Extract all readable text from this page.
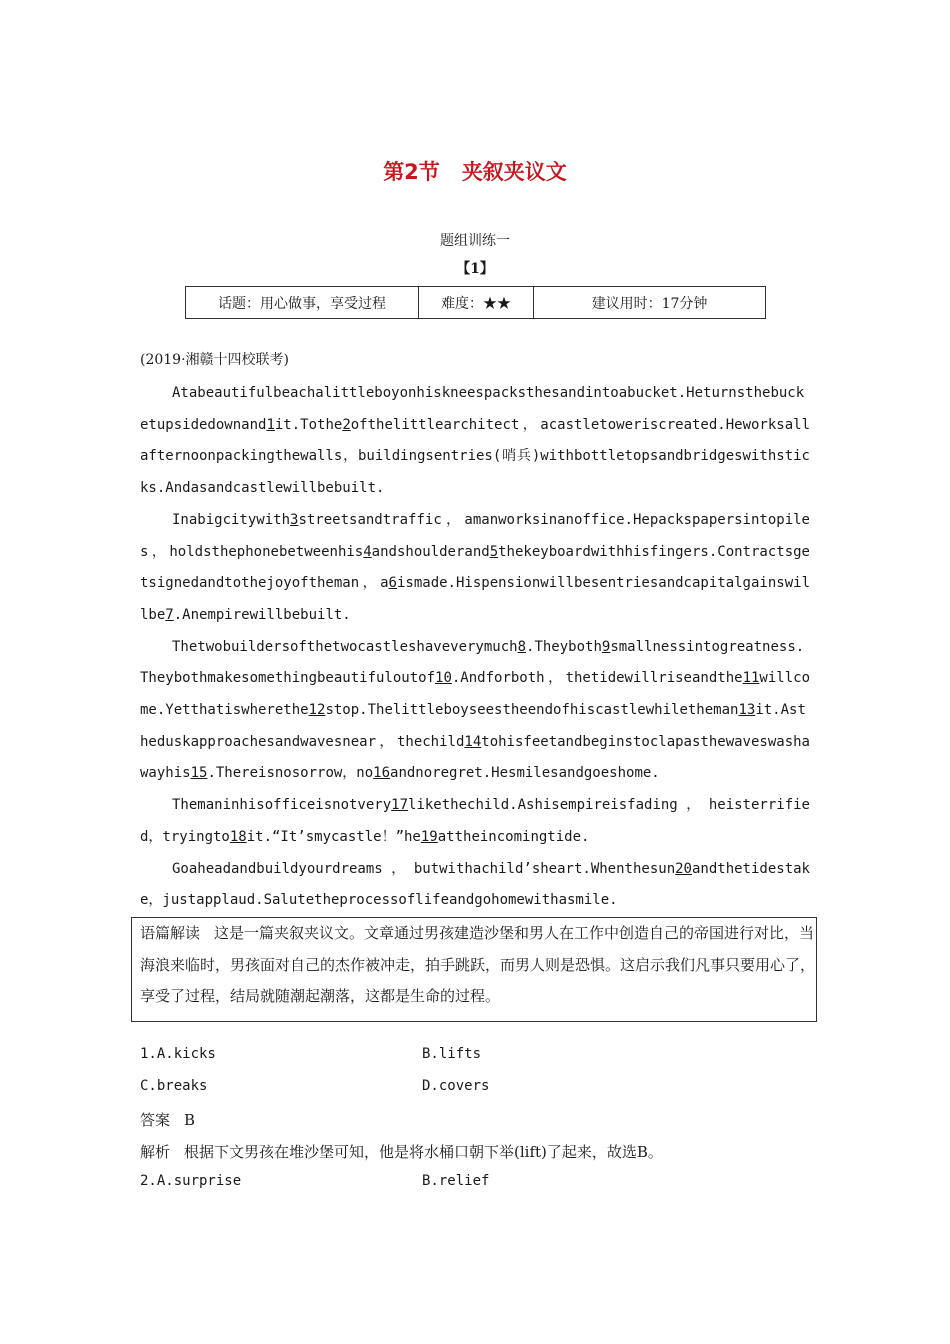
第2节 夹叙夹议文
题组训练一
【1】
话题：用心做事，享受过程	难度：★★	建议用时：17分钟
(2019·湘赣十四校联考)

Atabeautifulbeachalittleboyonhiskneespacksthesandintoabucket.Heturnsthebucketupsidedownand1it.Tothe2ofthelittlearchitect，acastletoweriscreated.Heworksallafternoonpackingthewalls，buildingsentries(哨兵)withbottletopsandbridgeswithsticks.Andasandcastlewillbebuilt.

Inabigcitywith3streetsandtraffic，amanworksinanoffice.Hepackspapersintopiles，holdsthephonebetweenhis4andshoulderand5thekeyboardwithhisfingers.Contractsgetsignedandtothejoyoftheman，a6ismade.Hispensionwillbesentriesandcapitalgainswillbe7.Anempirewillbebuilt.

Thetwobuildersofthetwocastleshaveverymuch8.Theyboth9smallnessintogreatness.Theybothmakesomethingbeautifuloutof10.Andforboth，thetidewillriseandthe11willcome.Yetthatiswherethe12stop.Thelittleboyseestheendofhiscastlewhiletheman13it.Astheduskapproachesandwavesnear，thechild14tohisfeetandbeginstoclapasthewaveswashawayhis15.Thereisnosorrow，no16andnoregret.Hesmilesandgoeshome.

Themaninhisofficeisnotvery17likethechild.Ashisempireisfading，heisterrified，tryingto18it.“It’smycastle！”he19attheincomingtide.

Goaheadandbuildyourdreams，butwithachild’sheart.Whenthesun20andthetidestake，justapplaud.Salutetheprocessoflifeandgohomewithasmile.

语篇解读 这是一篇夹叙夹议文。文章通过男孩建造沙堡和男人在工作中创造自己的帝国进行对比，当海浪来临时，男孩面对自己的杰作被冲走，拍手跳跃，而男人则是恐惧。这启示我们凡事只要用心了，享受了过程，结局就随潮起潮落，这都是生命的过程。
1.A.kicks	B.lifts
C.breaks	D.covers
答案 B
解析 根据下文男孩在堆沙堡可知，他是将水桶口朝下举(lift)了起来，故选B。
2.A.surprise	B.relief
